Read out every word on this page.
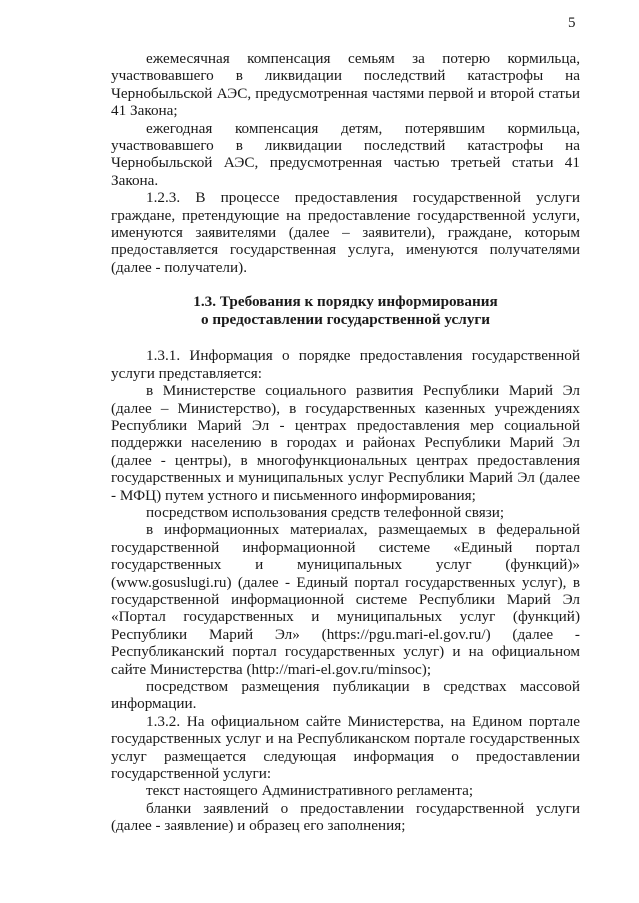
5

ежемесячная компенсация семьям за потерю кормильца, участвовавшего в ликвидации последствий катастрофы на Чернобыльской АЭС, предусмотренная частями первой и второй статьи 41 Закона;

ежегодная компенсация детям, потерявшим кормильца, участвовавшего в ликвидации последствий катастрофы на Чернобыльской АЭС, предусмотренная частью третьей статьи 41 Закона.

1.2.3. В процессе предоставления государственной услуги граждане, претендующие на предоставление государственной услуги, именуются заявителями (далее – заявители), граждане, которым предоставляется государственная услуга, именуются получателями (далее - получатели).

1.3. Требования к порядку информирования
о предоставлении государственной услуги

1.3.1. Информация о порядке предоставления государственной услуги представляется:

в Министерстве социального развития Республики Марий Эл (далее – Министерство), в государственных казенных учреждениях Республики Марий Эл - центрах предоставления мер социальной поддержки населению в городах и районах Республики Марий Эл (далее - центры), в многофункциональных центрах предоставления государственных и муниципальных услуг Республики Марий Эл (далее - МФЦ) путем устного и письменного информирования;

посредством использования средств телефонной связи;

в информационных материалах, размещаемых в федеральной государственной информационной системе «Единый портал государственных и муниципальных услуг (функций)» (www.gosuslugi.ru) (далее - Единый портал государственных услуг), в государственной информационной системе Республики Марий Эл «Портал государственных и муниципальных услуг (функций) Республики Марий Эл» (https://pgu.mari-el.gov.ru/) (далее - Республиканский портал государственных услуг) и на официальном сайте Министерства (http://mari-el.gov.ru/minsoc);

посредством размещения публикации в средствах массовой информации.

1.3.2. На официальном сайте Министерства, на Едином портале государственных услуг и на Республиканском портале государственных услуг размещается следующая информация о предоставлении государственной услуги:

текст настоящего Административного регламента;

бланки заявлений о предоставлении государственной услуги (далее - заявление) и образец его заполнения;
